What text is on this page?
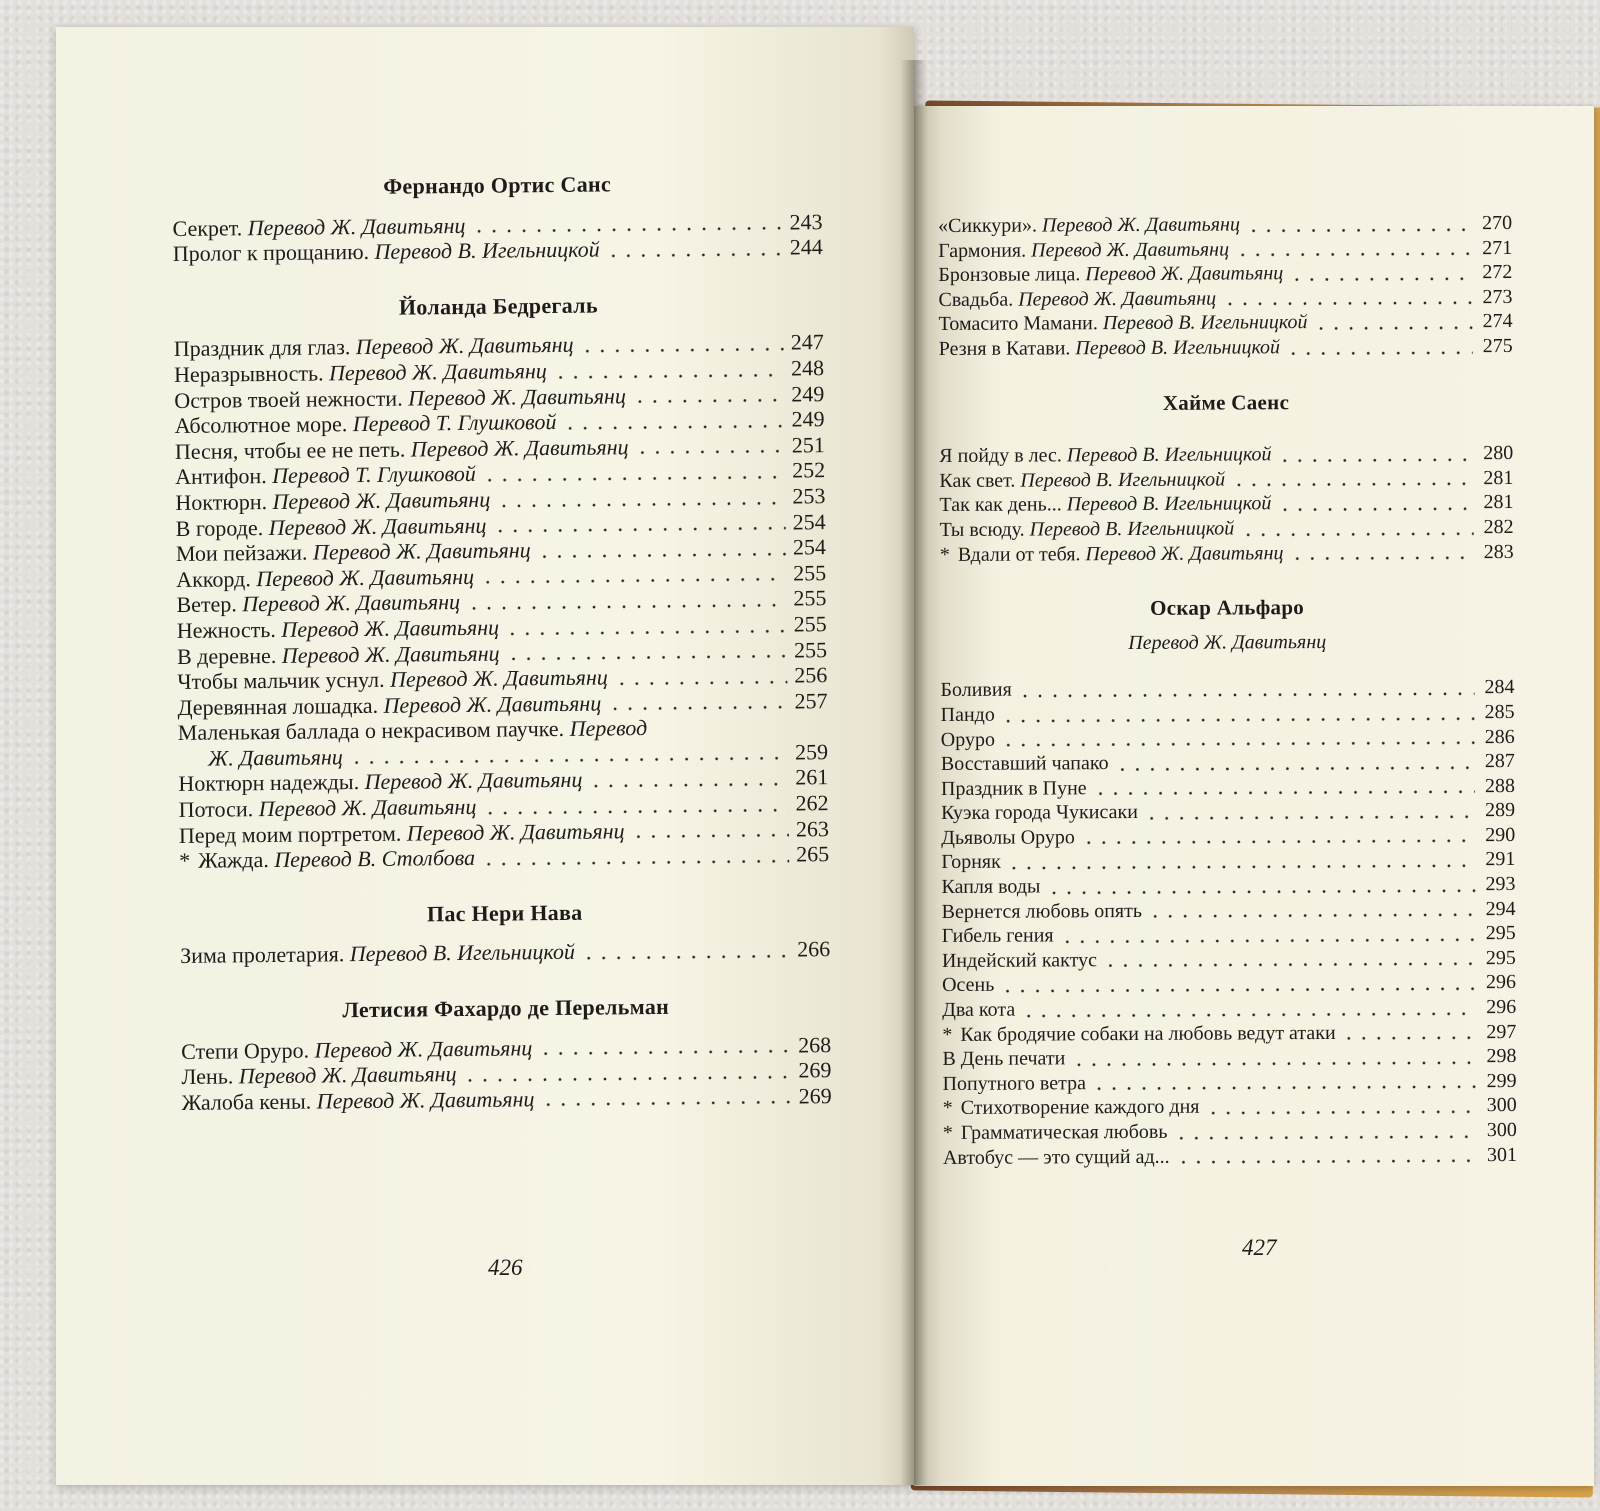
Фернандо Ортис Санс
Секрет. Перевод Ж. Давитьянц	243
Пролог к прощанию. Перевод В. Игельницкой	244
Йоланда Бедрегаль
Праздник для глаз. Перевод Ж. Давитьянц	247
Неразрывность. Перевод Ж. Давитьянц	248
Остров твоей нежности. Перевод Ж. Давитьянц	249
Абсолютное море. Перевод Т. Глушковой	249
Песня, чтобы ее не петь. Перевод Ж. Давитьянц	251
Антифон. Перевод Т. Глушковой	252
Ноктюрн. Перевод Ж. Давитьянц	253
В городе. Перевод Ж. Давитьянц	254
Мои пейзажи. Перевод Ж. Давитьянц	254
Аккорд. Перевод Ж. Давитьянц	255
Ветер. Перевод Ж. Давитьянц	255
Нежность. Перевод Ж. Давитьянц	255
В деревне. Перевод Ж. Давитьянц	255
Чтобы мальчик уснул. Перевод Ж. Давитьянц	256
Деревянная лошадка. Перевод Ж. Давитьянц	257
Маленькая баллада о некрасивом паучке. Перевод
Ж. Давитьянц	259
Ноктюрн надежды. Перевод Ж. Давитьянц	261
Потоси. Перевод Ж. Давитьянц	262
Перед моим портретом. Перевод Ж. Давитьянц	263
* Жажда. Перевод В. Столбова	265
Пас Нери Нава
Зима пролетария. Перевод В. Игельницкой	266
Летисия Фахардо де Перельман
Степи Оруро. Перевод Ж. Давитьянц	268
Лень. Перевод Ж. Давитьянц	269
Жалоба кены. Перевод Ж. Давитьянц	269
426
«Сиккури». Перевод Ж. Давитьянц	270
Гармония. Перевод Ж. Давитьянц	271
Бронзовые лица. Перевод Ж. Давитьянц	272
Свадьба. Перевод Ж. Давитьянц	273
Томасито Мамани. Перевод В. Игельницкой	274
Резня в Катави. Перевод В. Игельницкой	275
Хайме Саенс
Я пойду в лес. Перевод В. Игельницкой	280
Как свет. Перевод В. Игельницкой	281
Так как день... Перевод В. Игельницкой	281
Ты всюду. Перевод В. Игельницкой	282
* Вдали от тебя. Перевод Ж. Давитьянц	283
Оскар Альфаро
Перевод Ж. Давитьянц
Боливия	284
Пандо	285
Оруро	286
Восставший чапако	287
Праздник в Пуне	288
Куэка города Чукисаки	289
Дьяволы Оруро	290
Горняк	291
Капля воды	293
Вернется любовь опять	294
Гибель гения	295
Индейский кактус	295
Осень	296
Два кота	296
* Как бродячие собаки на любовь ведут атаки	297
В День печати	298
Попутного ветра	299
* Стихотворение каждого дня	300
* Грамматическая любовь	300
Автобус — это сущий ад...	301
427
